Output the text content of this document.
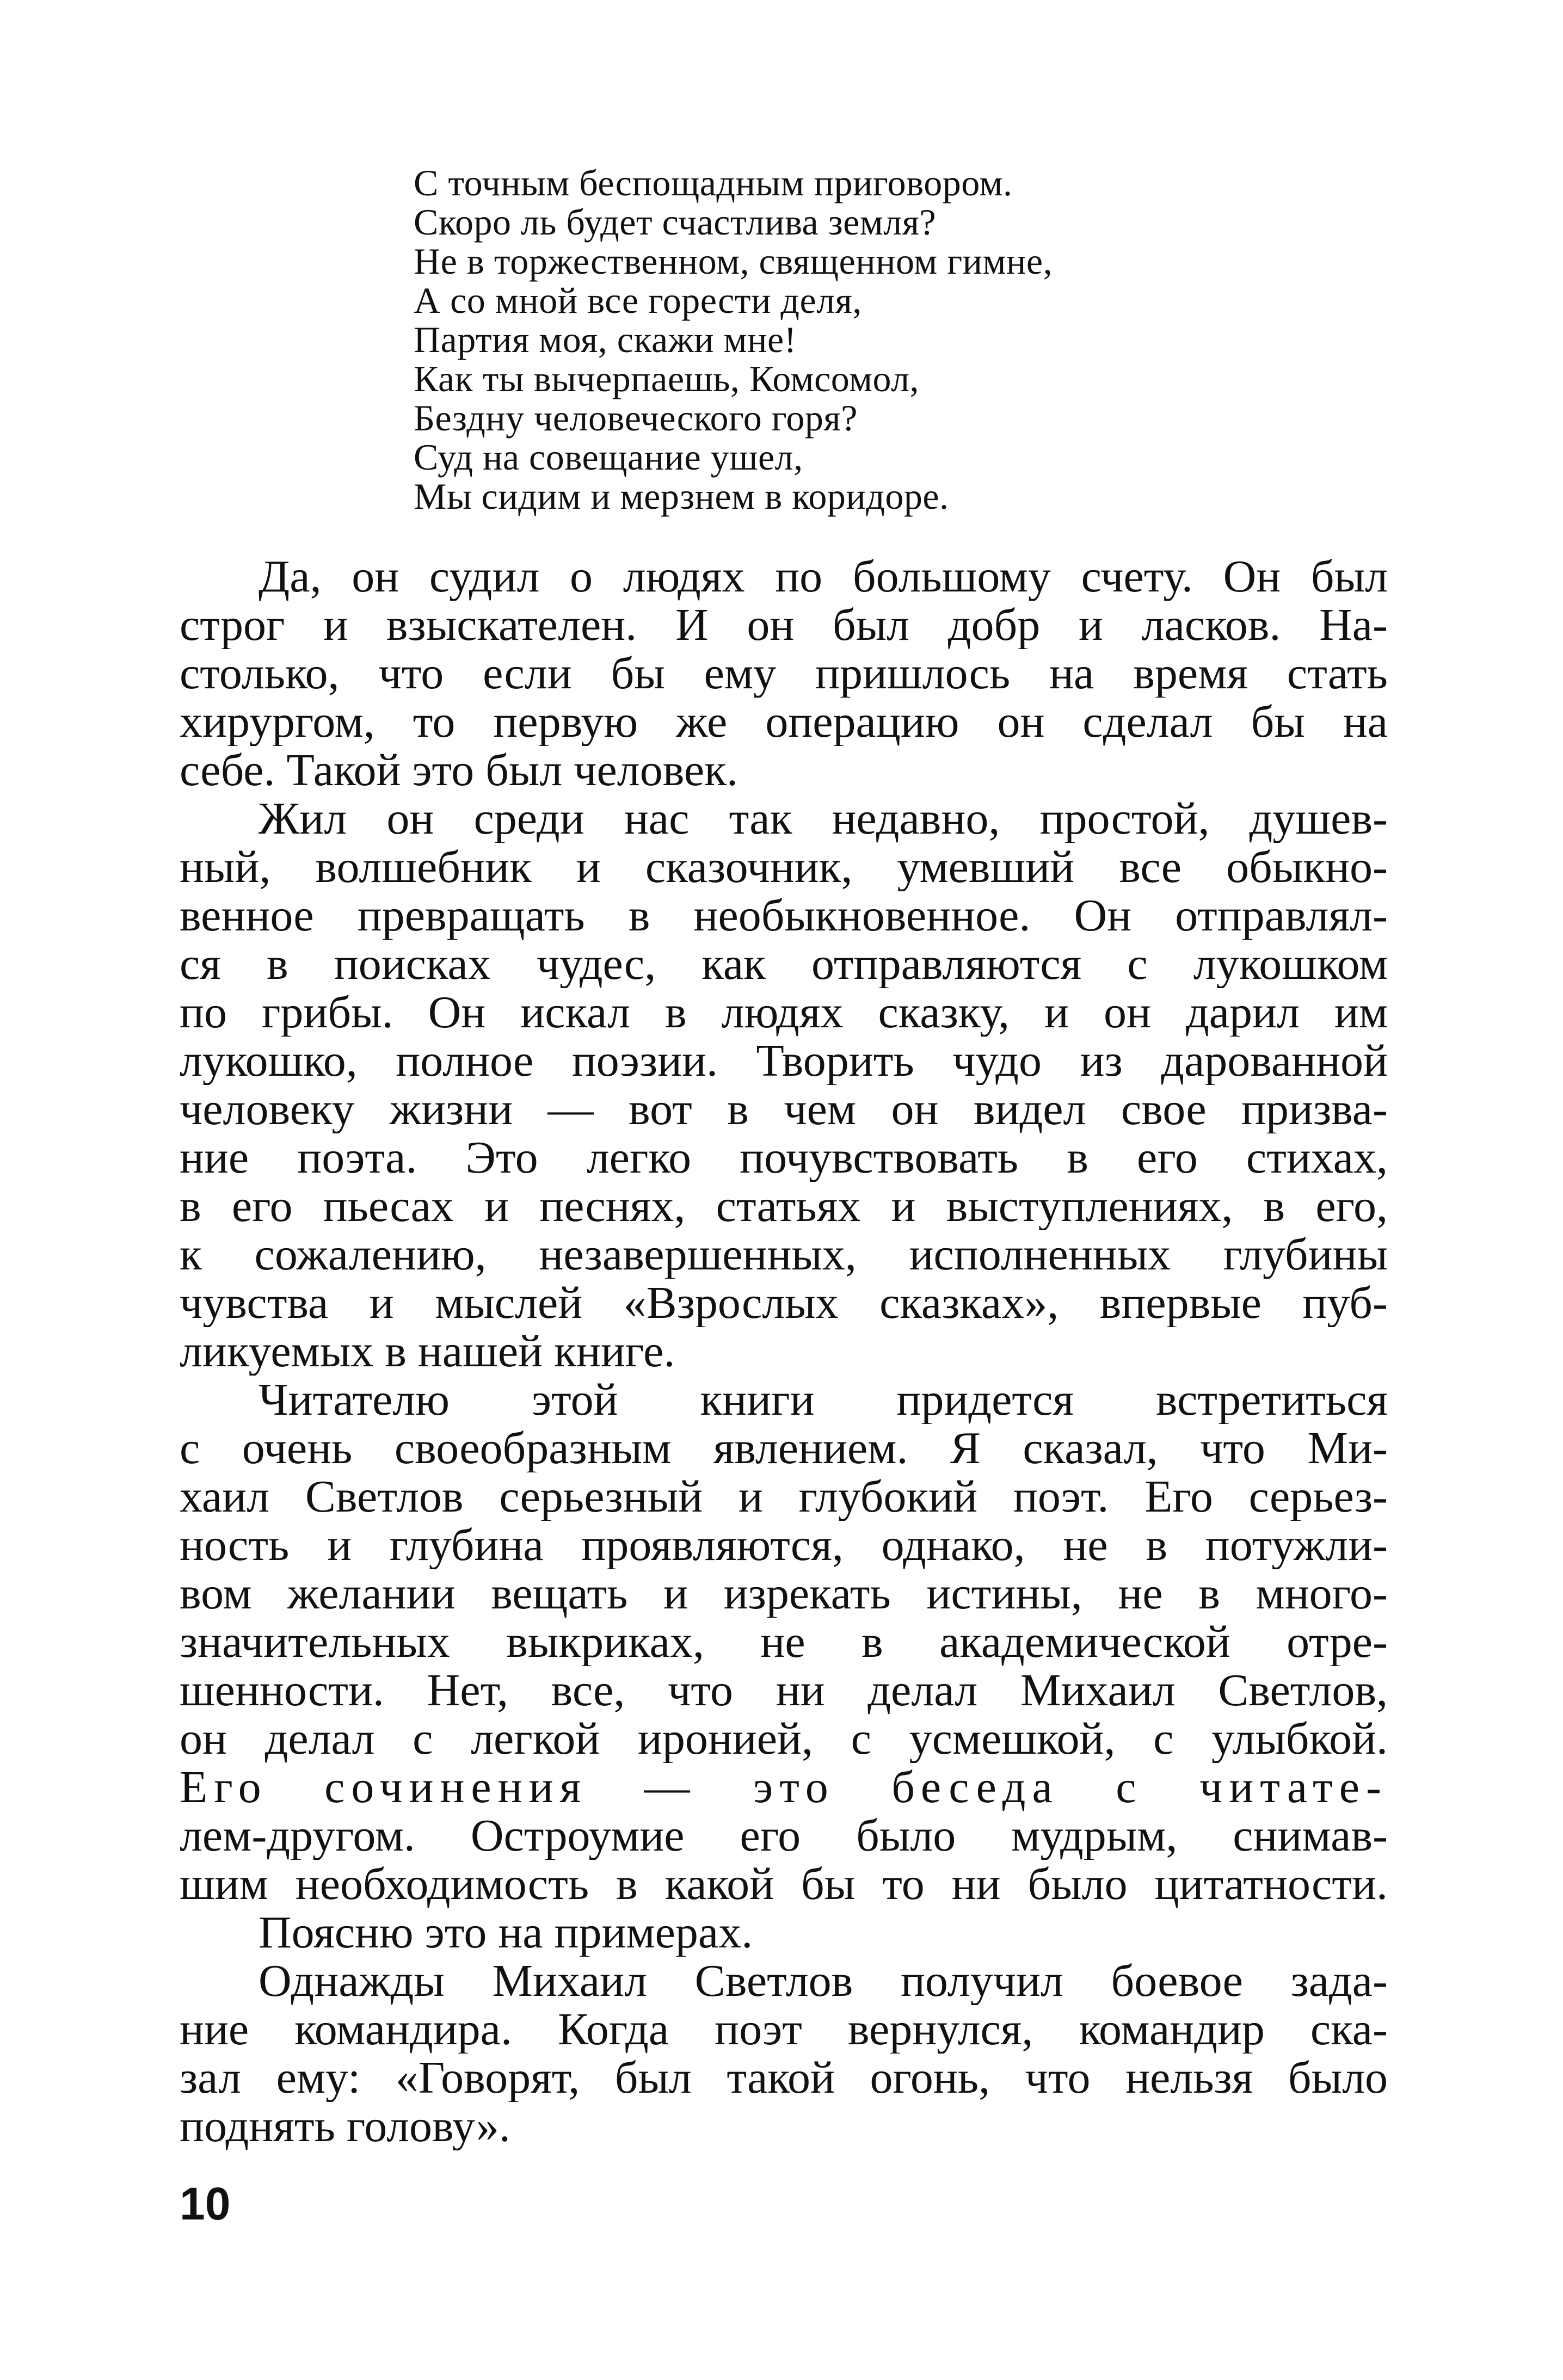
С точным беспощадным приговором.
Скоро ль будет счастлива земля?
Не в торжественном, священном гимне,
А со мной все горести деля,
Партия моя, скажи мне!
Как ты вычерпаешь, Комсомол,
Бездну человеческого горя?
Суд на совещание ушел,
Мы сидим и мерзнем в коридоре.
Да, он судил о людях по большому счету. Он был
строг и взыскателен. И он был добр и ласков. На-
столько, что если бы ему пришлось на время стать
хирургом, то первую же операцию он сделал бы на
себе. Такой это был человек.
Жил он среди нас так недавно, простой, душев-
ный, волшебник и сказочник, умевший все обыкно-
венное превращать в необыкновенное. Он отправлял-
ся в поисках чудес, как отправляются с лукошком
по грибы. Он искал в людях сказку, и он дарил им
лукошко, полное поэзии. Творить чудо из дарованной
человеку жизни — вот в чем он видел свое призва-
ние поэта. Это легко почувствовать в его стихах,
в его пьесах и песнях, статьях и выступлениях, в его,
к сожалению, незавершенных, исполненных глубины
чувства и мыслей «Взрослых сказках», впервые пуб-
ликуемых в нашей книге.
Читателю этой книги придется встретиться
с очень своеобразным явлением. Я сказал, что Ми-
хаил Светлов серьезный и глубокий поэт. Его серьез-
ность и глубина проявляются, однако, не в потужли-
вом желании вещать и изрекать истины, не в много-
значительных выкриках, не в академической отре-
шенности. Нет, все, что ни делал Михаил Светлов,
он делал с легкой иронией, с усмешкой, с улыбкой.
Его сочинения — это беседа с читате-
лем-другом. Остроумие его было мудрым, снимав-
шим необходимость в какой бы то ни было цитатности.
Поясню это на примерах.
Однажды Михаил Светлов получил боевое зада-
ние командира. Когда поэт вернулся, командир ска-
зал ему: «Говорят, был такой огонь, что нельзя было
поднять голову».
10
